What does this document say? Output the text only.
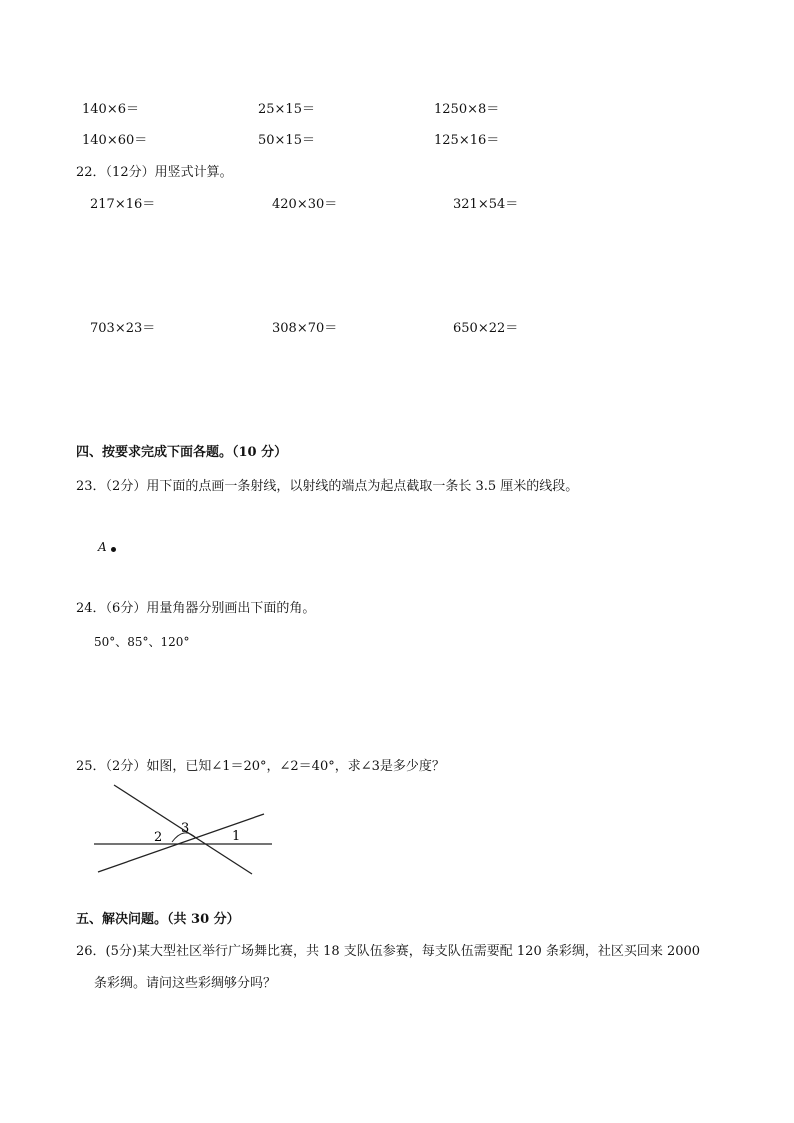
140×6＝	25×15＝	1250×8＝
140×60＝	50×15＝	125×16＝
22．（12分）用竖式计算。
217×16＝	420×30＝	321×54＝
703×23＝	308×70＝	650×22＝
四、按要求完成下面各题。（10 分）
23．（2分）用下面的点画一条射线，以射线的端点为起点截取一条长 3.5 厘米的线段。
A
24．（6分）用量角器分别画出下面的角。
50°、85°、120°
25．（2分）如图，已知∠1＝20°，∠2＝40°，求∠3是多少度？
1
2
3
五、解决问题。（共 30 分）
26．(5分)某大型社区举行广场舞比赛，共 18 支队伍参赛，每支队伍需要配 120 条彩绸，社区买回来 2000
条彩绸。请问这些彩绸够分吗？
